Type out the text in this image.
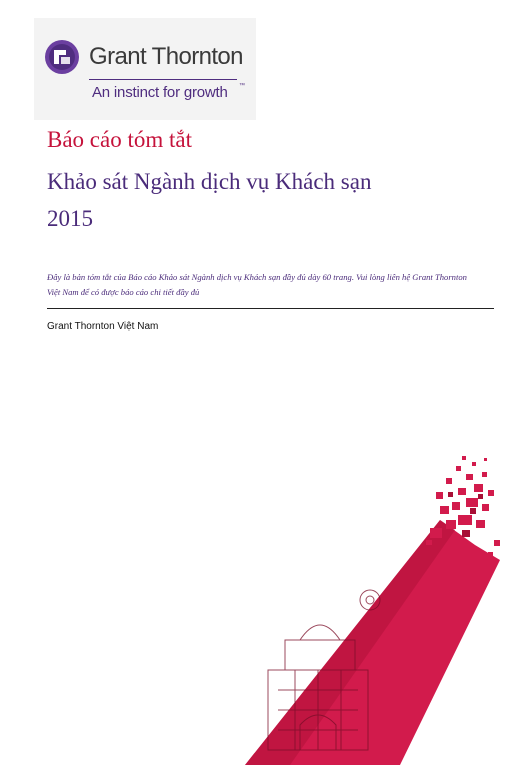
Grant Thornton
An instinct for growth ™
Báo cáo tóm tắt
Khảo sát Ngành dịch vụ Khách sạn
2015
Đây là bản tóm tắt của Báo cáo Khảo sát Ngành dịch vụ Khách sạn đầy đủ dày 60 trang. Vui lòng liên hệ Grant Thornton Việt Nam để có được báo cáo chi tiết đầy đủ
Grant Thornton Việt Nam
